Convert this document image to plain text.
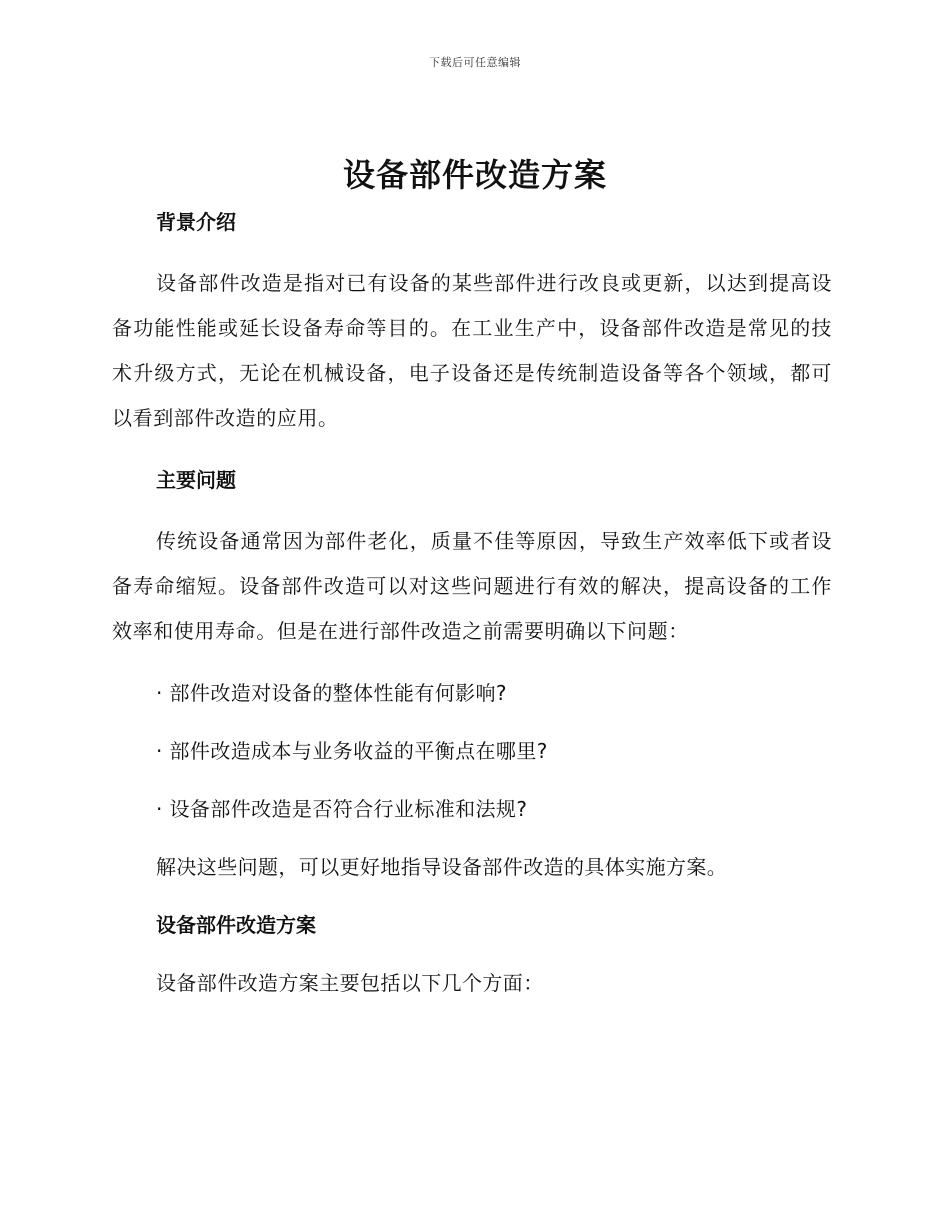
下载后可任意编辑
设备部件改造方案
背景介绍

设备部件改造是指对已有设备的某些部件进行改良或更新，以达到提高设备功能性能或延长设备寿命等目的。在工业生产中，设备部件改造是常见的技术升级方式，无论在机械设备，电子设备还是传统制造设备等各个领域，都可以看到部件改造的应用。

主要问题

传统设备通常因为部件老化，质量不佳等原因，导致生产效率低下或者设备寿命缩短。设备部件改造可以对这些问题进行有效的解决，提高设备的工作效率和使用寿命。但是在进行部件改造之前需要明确以下问题：

· 部件改造对设备的整体性能有何影响?

· 部件改造成本与业务收益的平衡点在哪里?

· 设备部件改造是否符合行业标准和法规?

解决这些问题，可以更好地指导设备部件改造的具体实施方案。

设备部件改造方案

设备部件改造方案主要包括以下几个方面：
